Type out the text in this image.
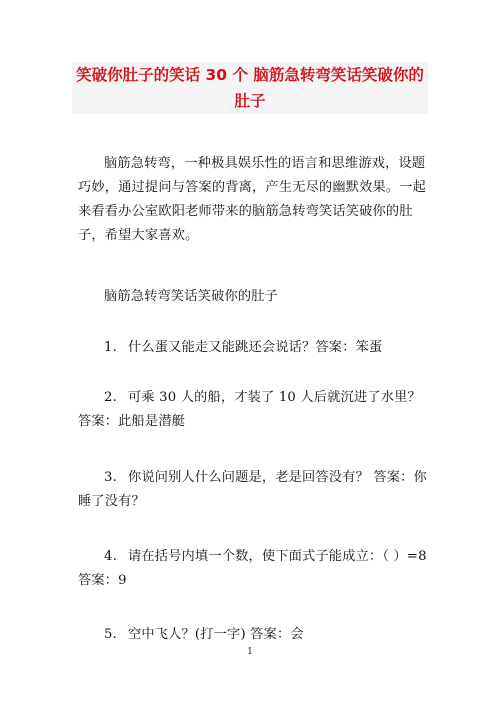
笑破你肚子的笑话 30 个 脑筋急转弯笑话笑破你的肚子
脑筋急转弯，一种极具娱乐性的语言和思维游戏，设题巧妙，通过提问与答案的背离，产生无尽的幽默效果。一起来看看办公室欧阳老师带来的脑筋急转弯笑话笑破你的肚子，希望大家喜欢。
脑筋急转弯笑话笑破你的肚子
1. 什么蛋又能走又能跳还会说话？答案：笨蛋
2. 可乘 30 人的船，才装了 10 人后就沉进了水里？ 答案：此船是潜艇
3. 你说问别人什么问题是，老是回答没有？ 答案：你睡了没有？
4. 请在括号内填一个数，使下面式子能成立：（ ）=8 答案：9
5. 空中飞人？(打一字) 答案：会
1
